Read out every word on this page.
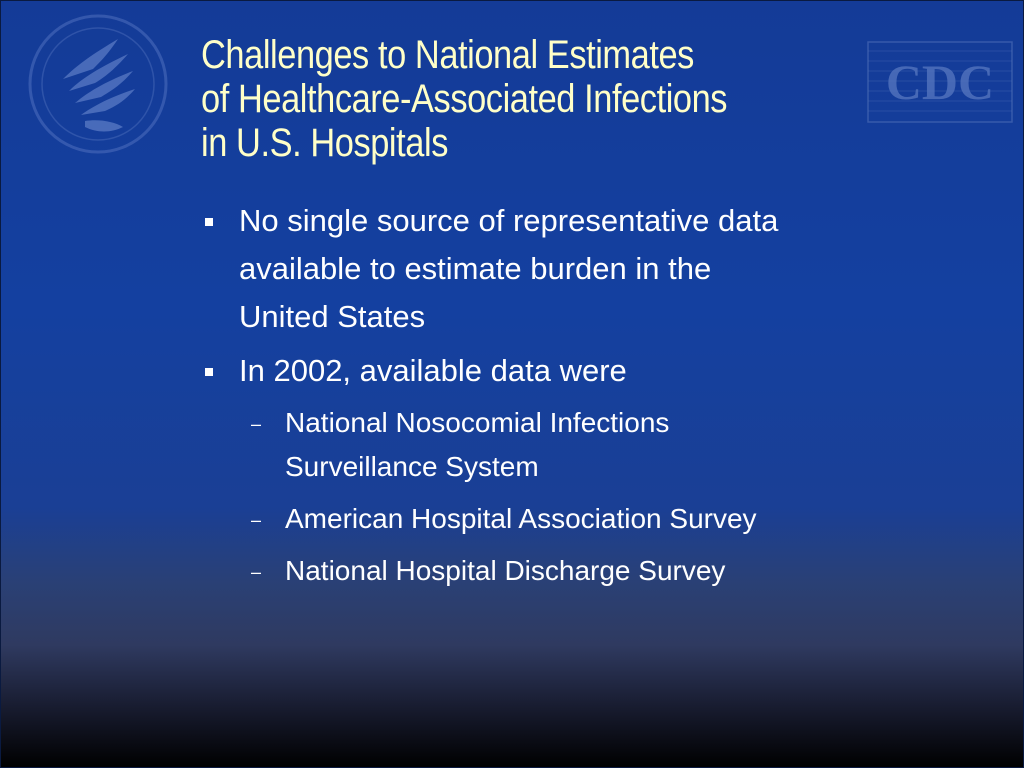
CDC
Challenges to National Estimates
of Healthcare-Associated Infections
in U.S. Hospitals
No single source of representative data
available to estimate burden in the
United States
In 2002, available data were
– National Nosocomial Infections
Surveillance System
– American Hospital Association Survey
– National Hospital Discharge Survey
